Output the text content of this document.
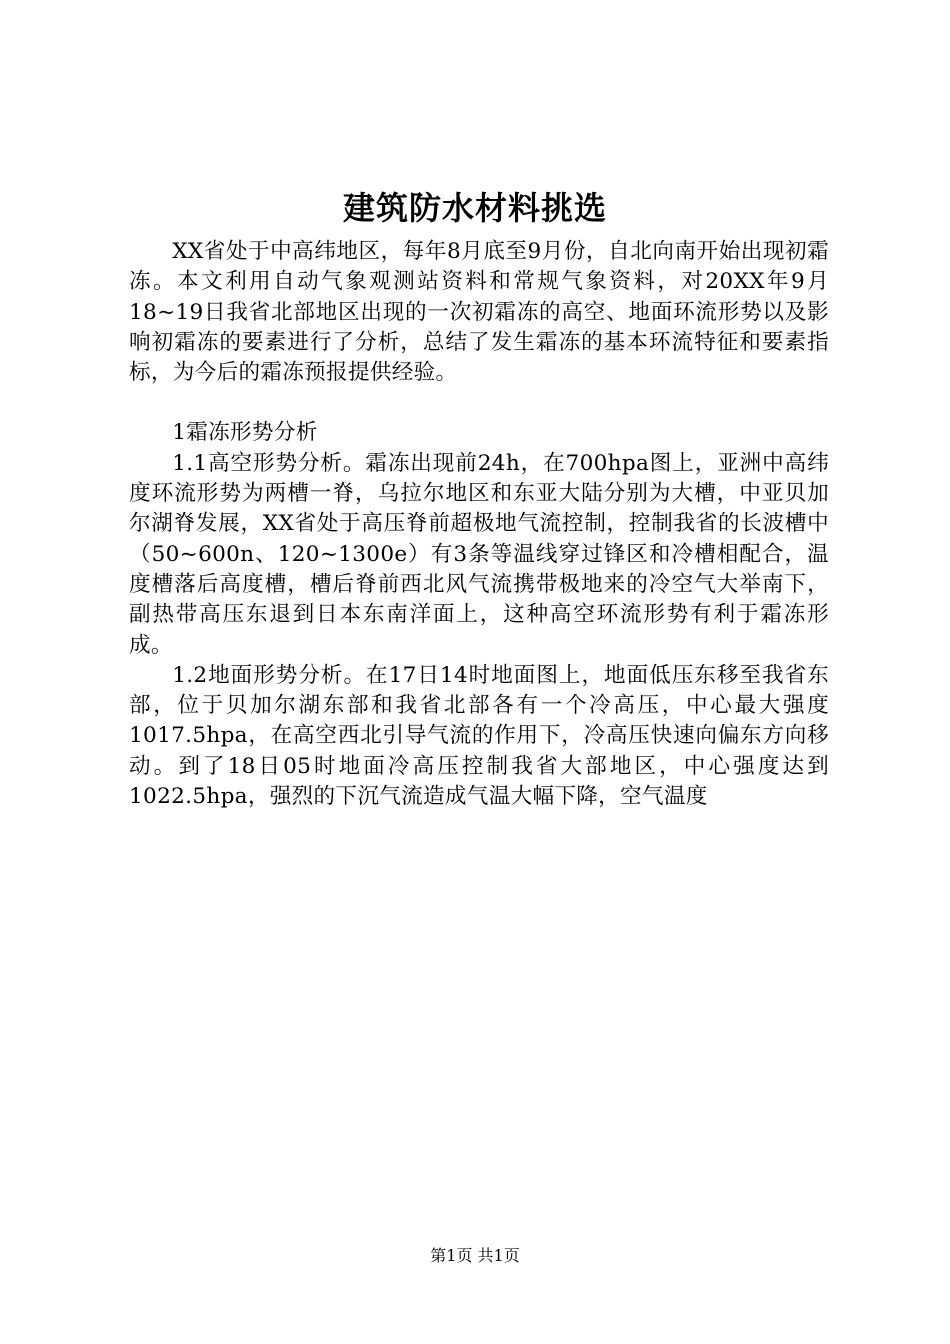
建筑防水材料挑选

XX省处于中高纬地区，每年8月底至9月份，自北向南开始出现初霜冻。本文利用自动气象观测站资料和常规气象资料，对20XX年9月18~19日我省北部地区出现的一次初霜冻的高空、地面环流形势以及影响初霜冻的要素进行了分析，总结了发生霜冻的基本环流特征和要素指标，为今后的霜冻预报提供经验。

1霜冻形势分析

1.1高空形势分析。霜冻出现前24h，在700hpa图上，亚洲中高纬度环流形势为两槽一脊，乌拉尔地区和东亚大陆分别为大槽，中亚贝加尔湖脊发展，XX省处于高压脊前超极地气流控制，控制我省的长波槽中（50~600n、120~1300e）有3条等温线穿过锋区和冷槽相配合，温度槽落后高度槽，槽后脊前西北风气流携带极地来的冷空气大举南下，副热带高压东退到日本东南洋面上，这种高空环流形势有利于霜冻形成。

1.2地面形势分析。在17日14时地面图上，地面低压东移至我省东部，位于贝加尔湖东部和我省北部各有一个冷高压，中心最大强度1017.5hpa，在高空西北引导气流的作用下，冷高压快速向偏东方向移动。到了18日05时地面冷高压控制我省大部地区，中心强度达到1022.5hpa，强烈的下沉气流造成气温大幅下降，空气温度

第1页 共1页
